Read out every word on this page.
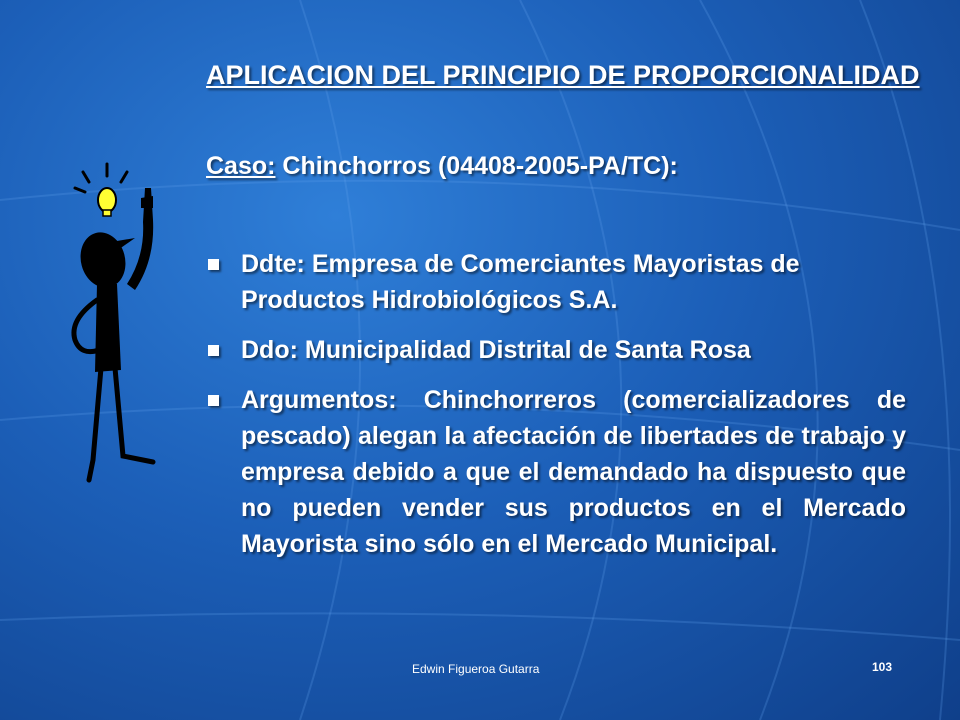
APLICACION DEL PRINCIPIO DE PROPORCIONALIDAD
Caso: Chinchorros (04408-2005-PA/TC):
Ddte: Empresa de Comerciantes Mayoristas de Productos Hidrobiológicos S.A.
Ddo: Municipalidad Distrital de Santa Rosa
Argumentos: Chinchorreros (comercializadores de pescado) alegan la afectación de libertades de trabajo y empresa debido a que el demandado ha dispuesto que no pueden vender sus productos en el Mercado Mayorista sino sólo en el Mercado Municipal.
Edwin Figueroa Gutarra	103
